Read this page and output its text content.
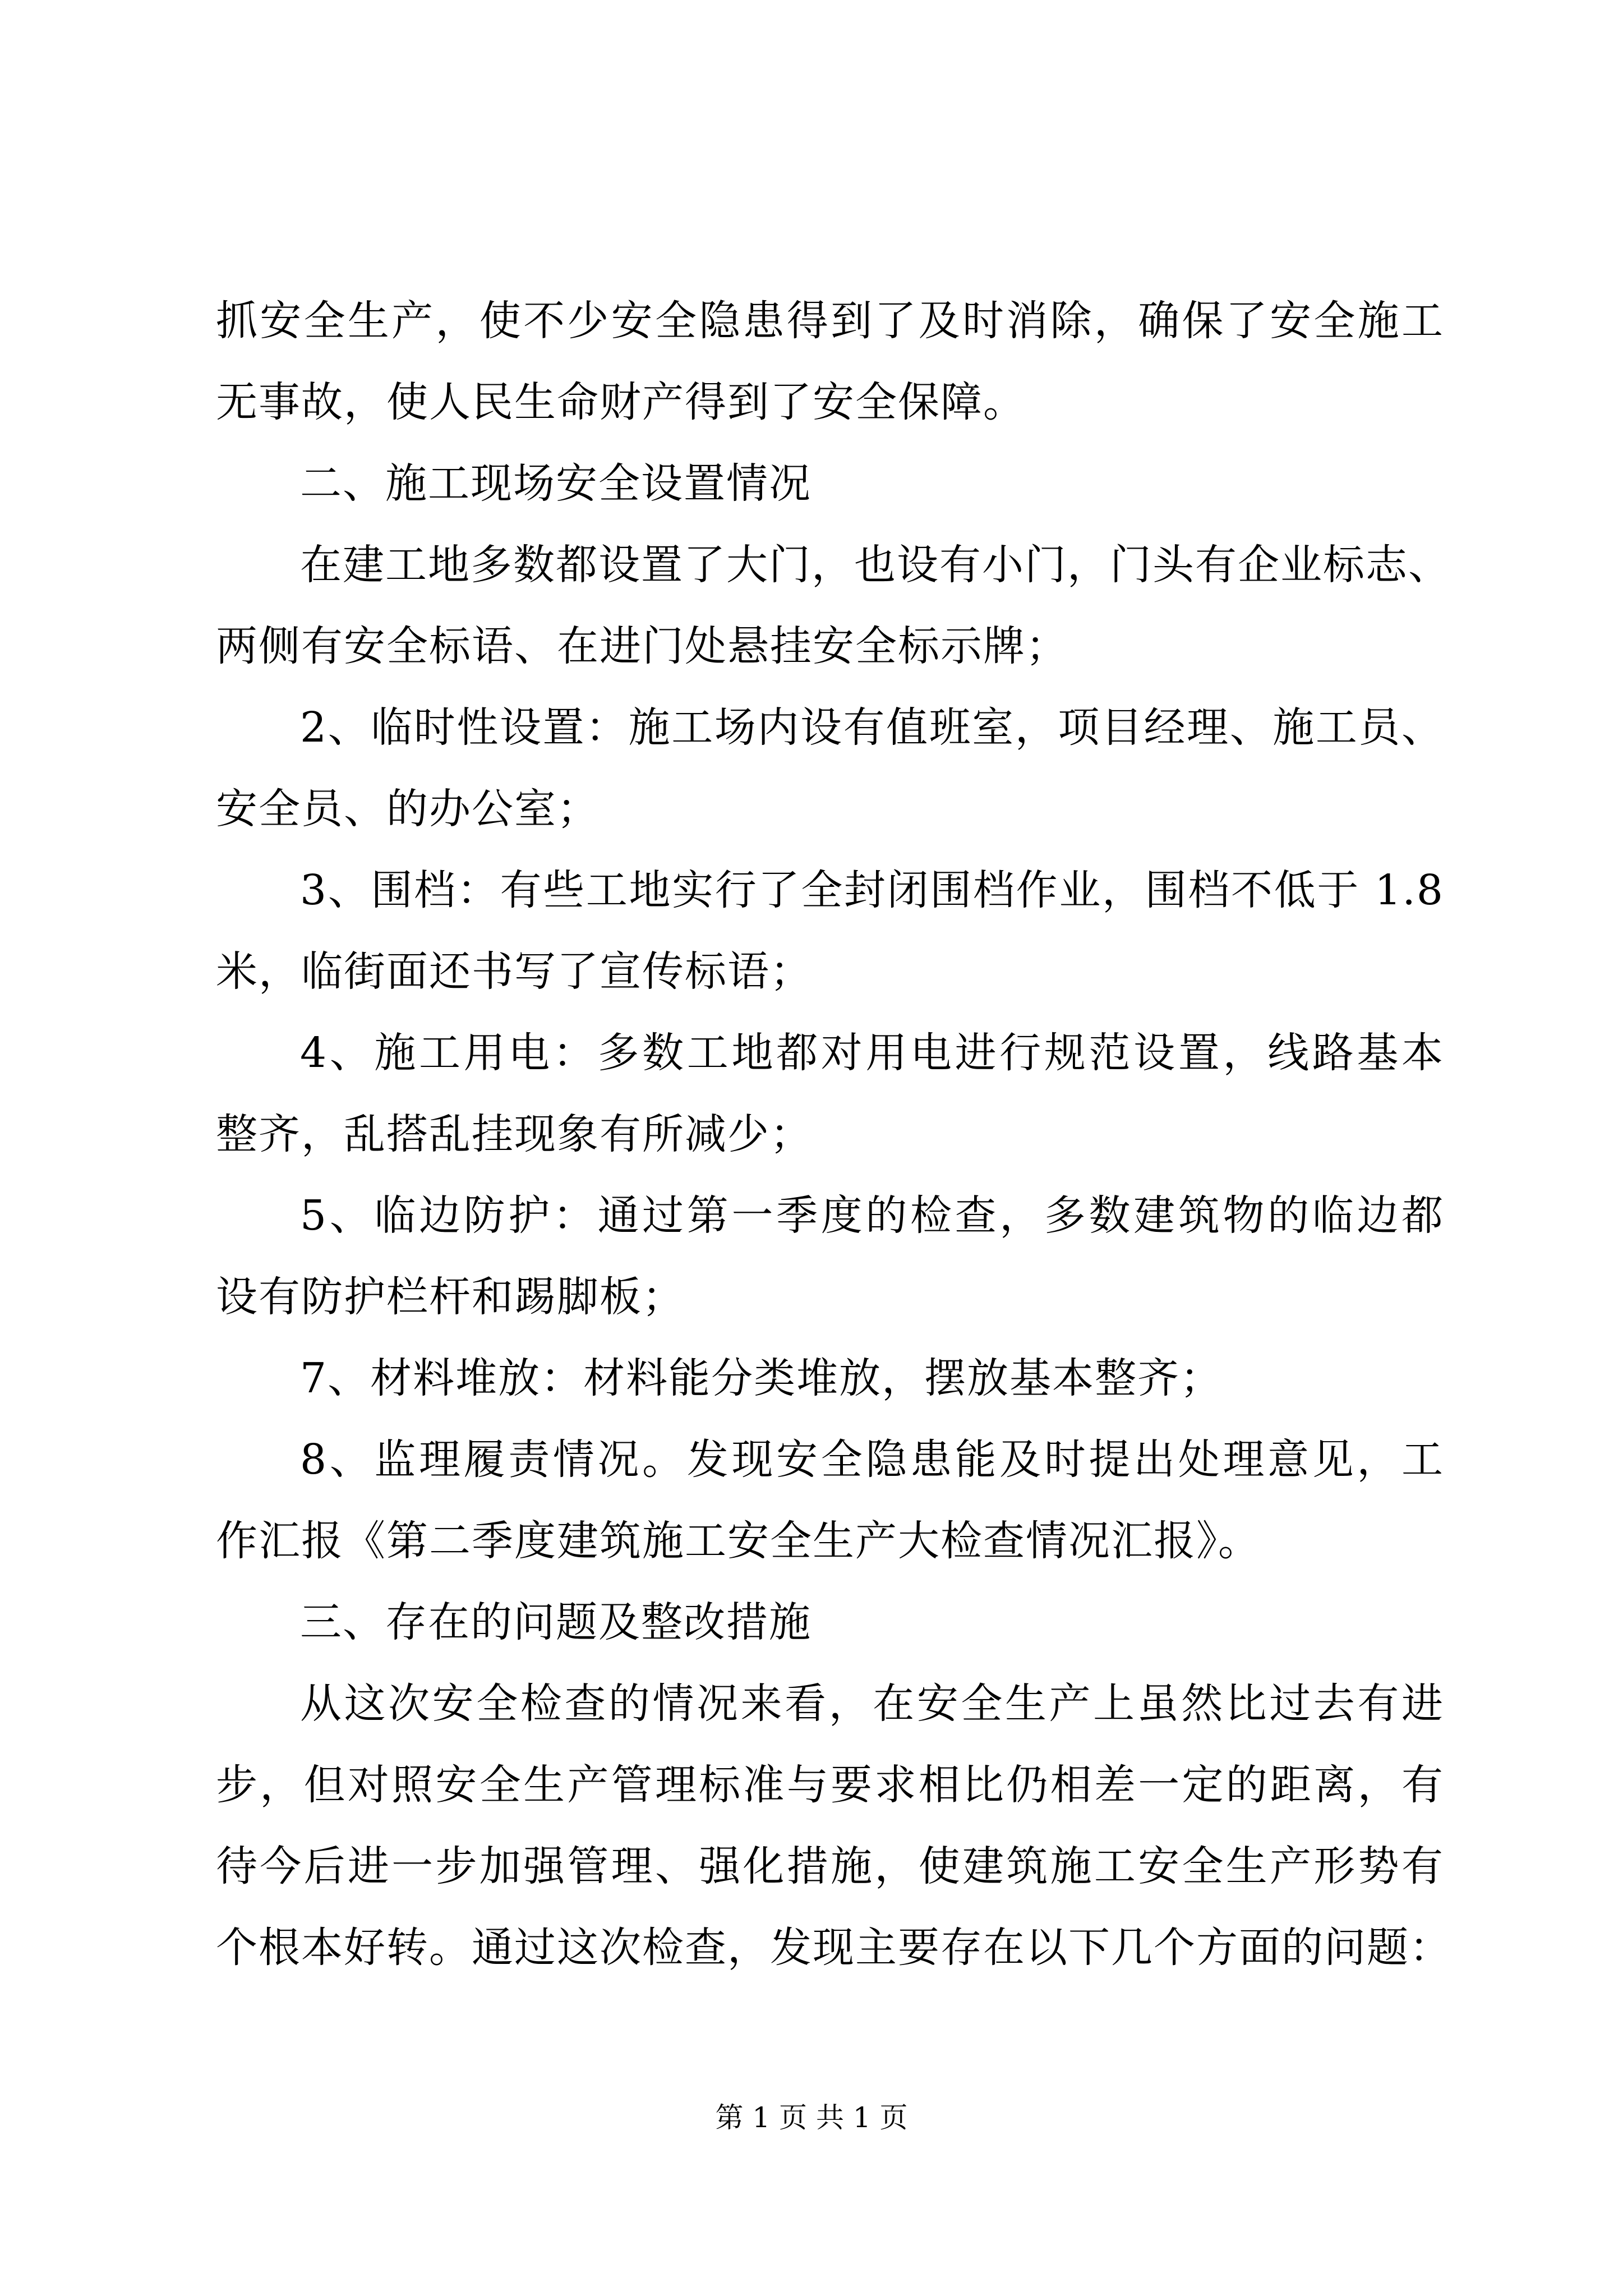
抓安全生产，使不少安全隐患得到了及时消除，确保了安全施工
无事故，使人民生命财产得到了安全保障。
二、施工现场安全设置情况
在建工地多数都设置了大门，也设有小门，门头有企业标志、
两侧有安全标语、在进门处悬挂安全标示牌；
2、临时性设置：施工场内设有值班室，项目经理、施工员、
安全员、的办公室；
3、围档：有些工地实行了全封闭围档作业，围档不低于 1.8
米，临街面还书写了宣传标语；
4、施工用电：多数工地都对用电进行规范设置，线路基本
整齐，乱搭乱挂现象有所减少；
5、临边防护：通过第一季度的检查，多数建筑物的临边都
设有防护栏杆和踢脚板；
7、材料堆放：材料能分类堆放，摆放基本整齐；
8、监理履责情况。发现安全隐患能及时提出处理意见，工
作汇报《第二季度建筑施工安全生产大检查情况汇报》。
三、存在的问题及整改措施
从这次安全检查的情况来看，在安全生产上虽然比过去有进
步，但对照安全生产管理标准与要求相比仍相差一定的距离，有
待今后进一步加强管理、强化措施，使建筑施工安全生产形势有
个根本好转。通过这次检查，发现主要存在以下几个方面的问题：
第 1 页 共 1 页
